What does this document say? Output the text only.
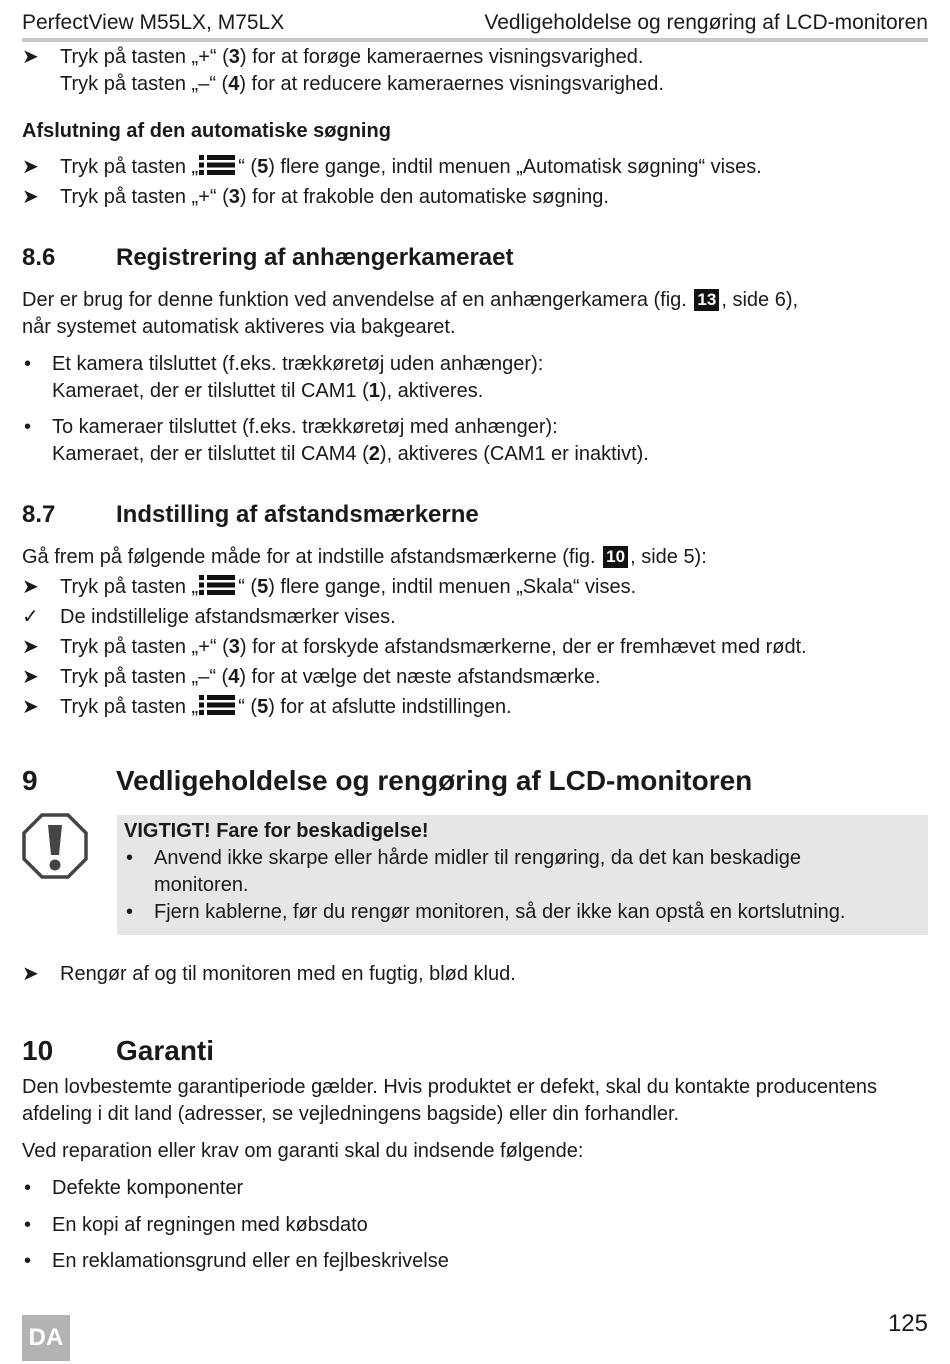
PerfectView M55LX, M75LX	Vedligeholdelse og rengøring af LCD-monitoren
➤	Tryk på tasten „+“ (3) for at forøge kameraernes visningsvarighed.
Tryk på tasten „–“ (4) for at reducere kameraernes visningsvarighed.
Afslutning af den automatiske søgning
➤	Tryk på tasten „ “ (5) flere gange, indtil menuen „Automatisk søgning“ vises.
➤	Tryk på tasten „+“ (3) for at frakoble den automatiske søgning.
8.6	Registrering af anhængerkameraet
Der er brug for denne funktion ved anvendelse af en anhængerkamera (fig. 13 , side 6),
når systemet automatisk aktiveres via bakgearet.
•	Et kamera tilsluttet (f.eks. trækkøretøj uden anhænger):
Kameraet, der er tilsluttet til CAM1 (1), aktiveres.
•	To kameraer tilsluttet (f.eks. trækkøretøj med anhænger):
Kameraet, der er tilsluttet til CAM4 (2), aktiveres (CAM1 er inaktivt).
8.7	Indstilling af afstandsmærkerne
Gå frem på følgende måde for at indstille afstandsmærkerne (fig. 10 , side 5):
➤	Tryk på tasten „ “ (5) flere gange, indtil menuen „Skala“ vises.
✓	De indstillelige afstandsmærker vises.
➤	Tryk på tasten „+“ (3) for at forskyde afstandsmærkerne, der er fremhævet med rødt.
➤	Tryk på tasten „–“ (4) for at vælge det næste afstandsmærke.
➤	Tryk på tasten „ “ (5) for at afslutte indstillingen.
9	Vedligeholdelse og rengøring af LCD-monitoren
VIGTIGT! Fare for beskadigelse!
•	Anvend ikke skarpe eller hårde midler til rengøring, da det kan beskadige
monitoren.
•	Fjern kablerne, før du rengør monitoren, så der ikke kan opstå en kortslutning.
➤	Rengør af og til monitoren med en fugtig, blød klud.
10	Garanti
Den lovbestemte garantiperiode gælder. Hvis produktet er defekt, skal du kontakte producentens
afdeling i dit land (adresser, se vejledningens bagside) eller din forhandler.
Ved reparation eller krav om garanti skal du indsende følgende:
•	Defekte komponenter
•	En kopi af regningen med købsdato
•	En reklamationsgrund eller en fejlbeskrivelse
DA
125
